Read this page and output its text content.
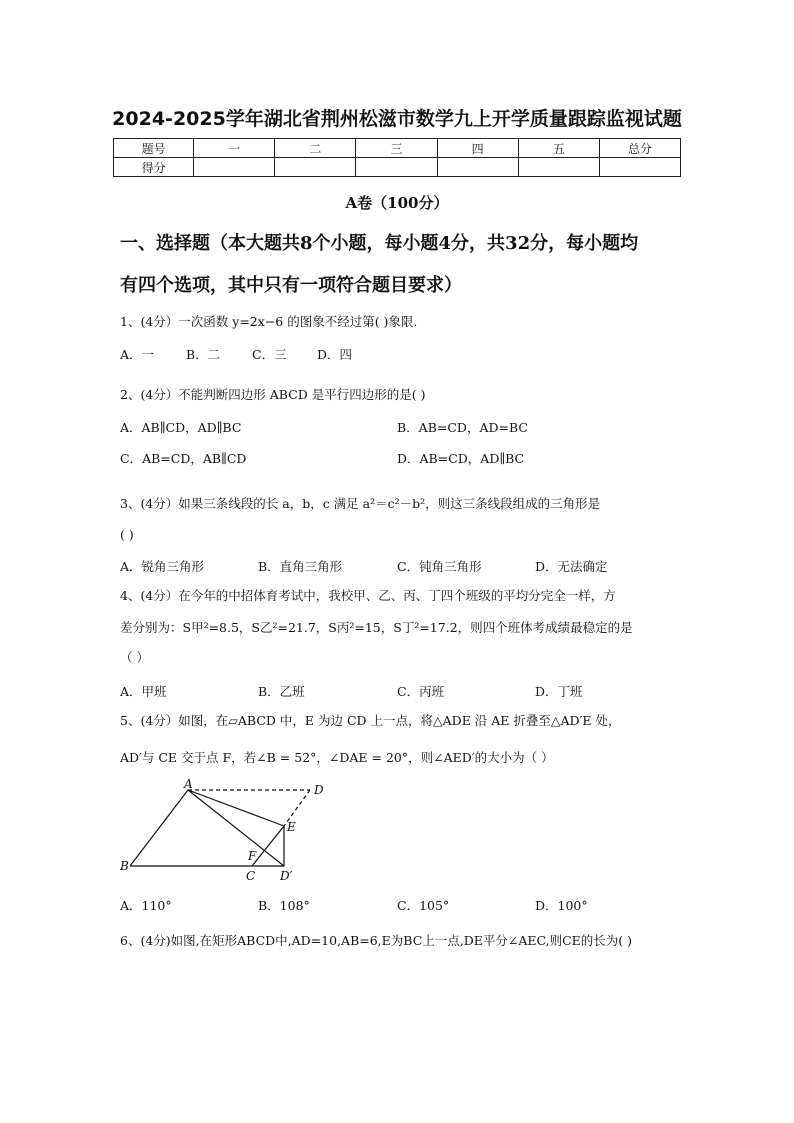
2024-2025学年湖北省荆州松滋市数学九上开学质量跟踪监视试题
题号	一	二	三	四	五	总分
得分						
A卷（100分）
一、选择题（本大题共8个小题，每小题4分，共32分，每小题均
有四个选项，其中只有一项符合题目要求）
1、(4分）一次函数 y=2x−6 的图象不经过第( )象限.
A．一	B．二	C．三 D．四
2、(4分）不能判断四边形 ABCD 是平行四边形的是( )
A．AB∥CD，AD∥BC	B．AB=CD，AD=BC
C．AB=CD，AB∥CD	D．AB=CD，AD∥BC
3、(4分）如果三条线段的长 a，b，c 满足 a²＝c²－b²，则这三条线段组成的三角形是
( )
A．锐角三角形	B．直角三角形	C．钝角三角形	D．无法确定
4、(4分）在今年的中招体育考试中，我校甲、乙、丙、丁四个班级的平均分完全一样，方
差分别为：S甲²=8.5，S乙²=21.7，S丙²=15，S丁²=17.2，则四个班体考成绩最稳定的是
（ ）
A．甲班	B．乙班	C．丙班	D．丁班
5、(4分）如图，在▱ABCD 中，E 为边 CD 上一点，将△ADE 沿 AE 折叠至△AD′E 处，
AD′与 CE 交于点 F，若∠B = 52°，∠DAE = 20°，则∠AED′的大小为（ ）
A	D
E
F
B
C D′
A．110°	B．108°	C．105°	D．100°
6、(4分)如图,在矩形ABCD中,AD=10,AB=6,E为BC上一点,DE平分∠AEC,则CE的长为( )
